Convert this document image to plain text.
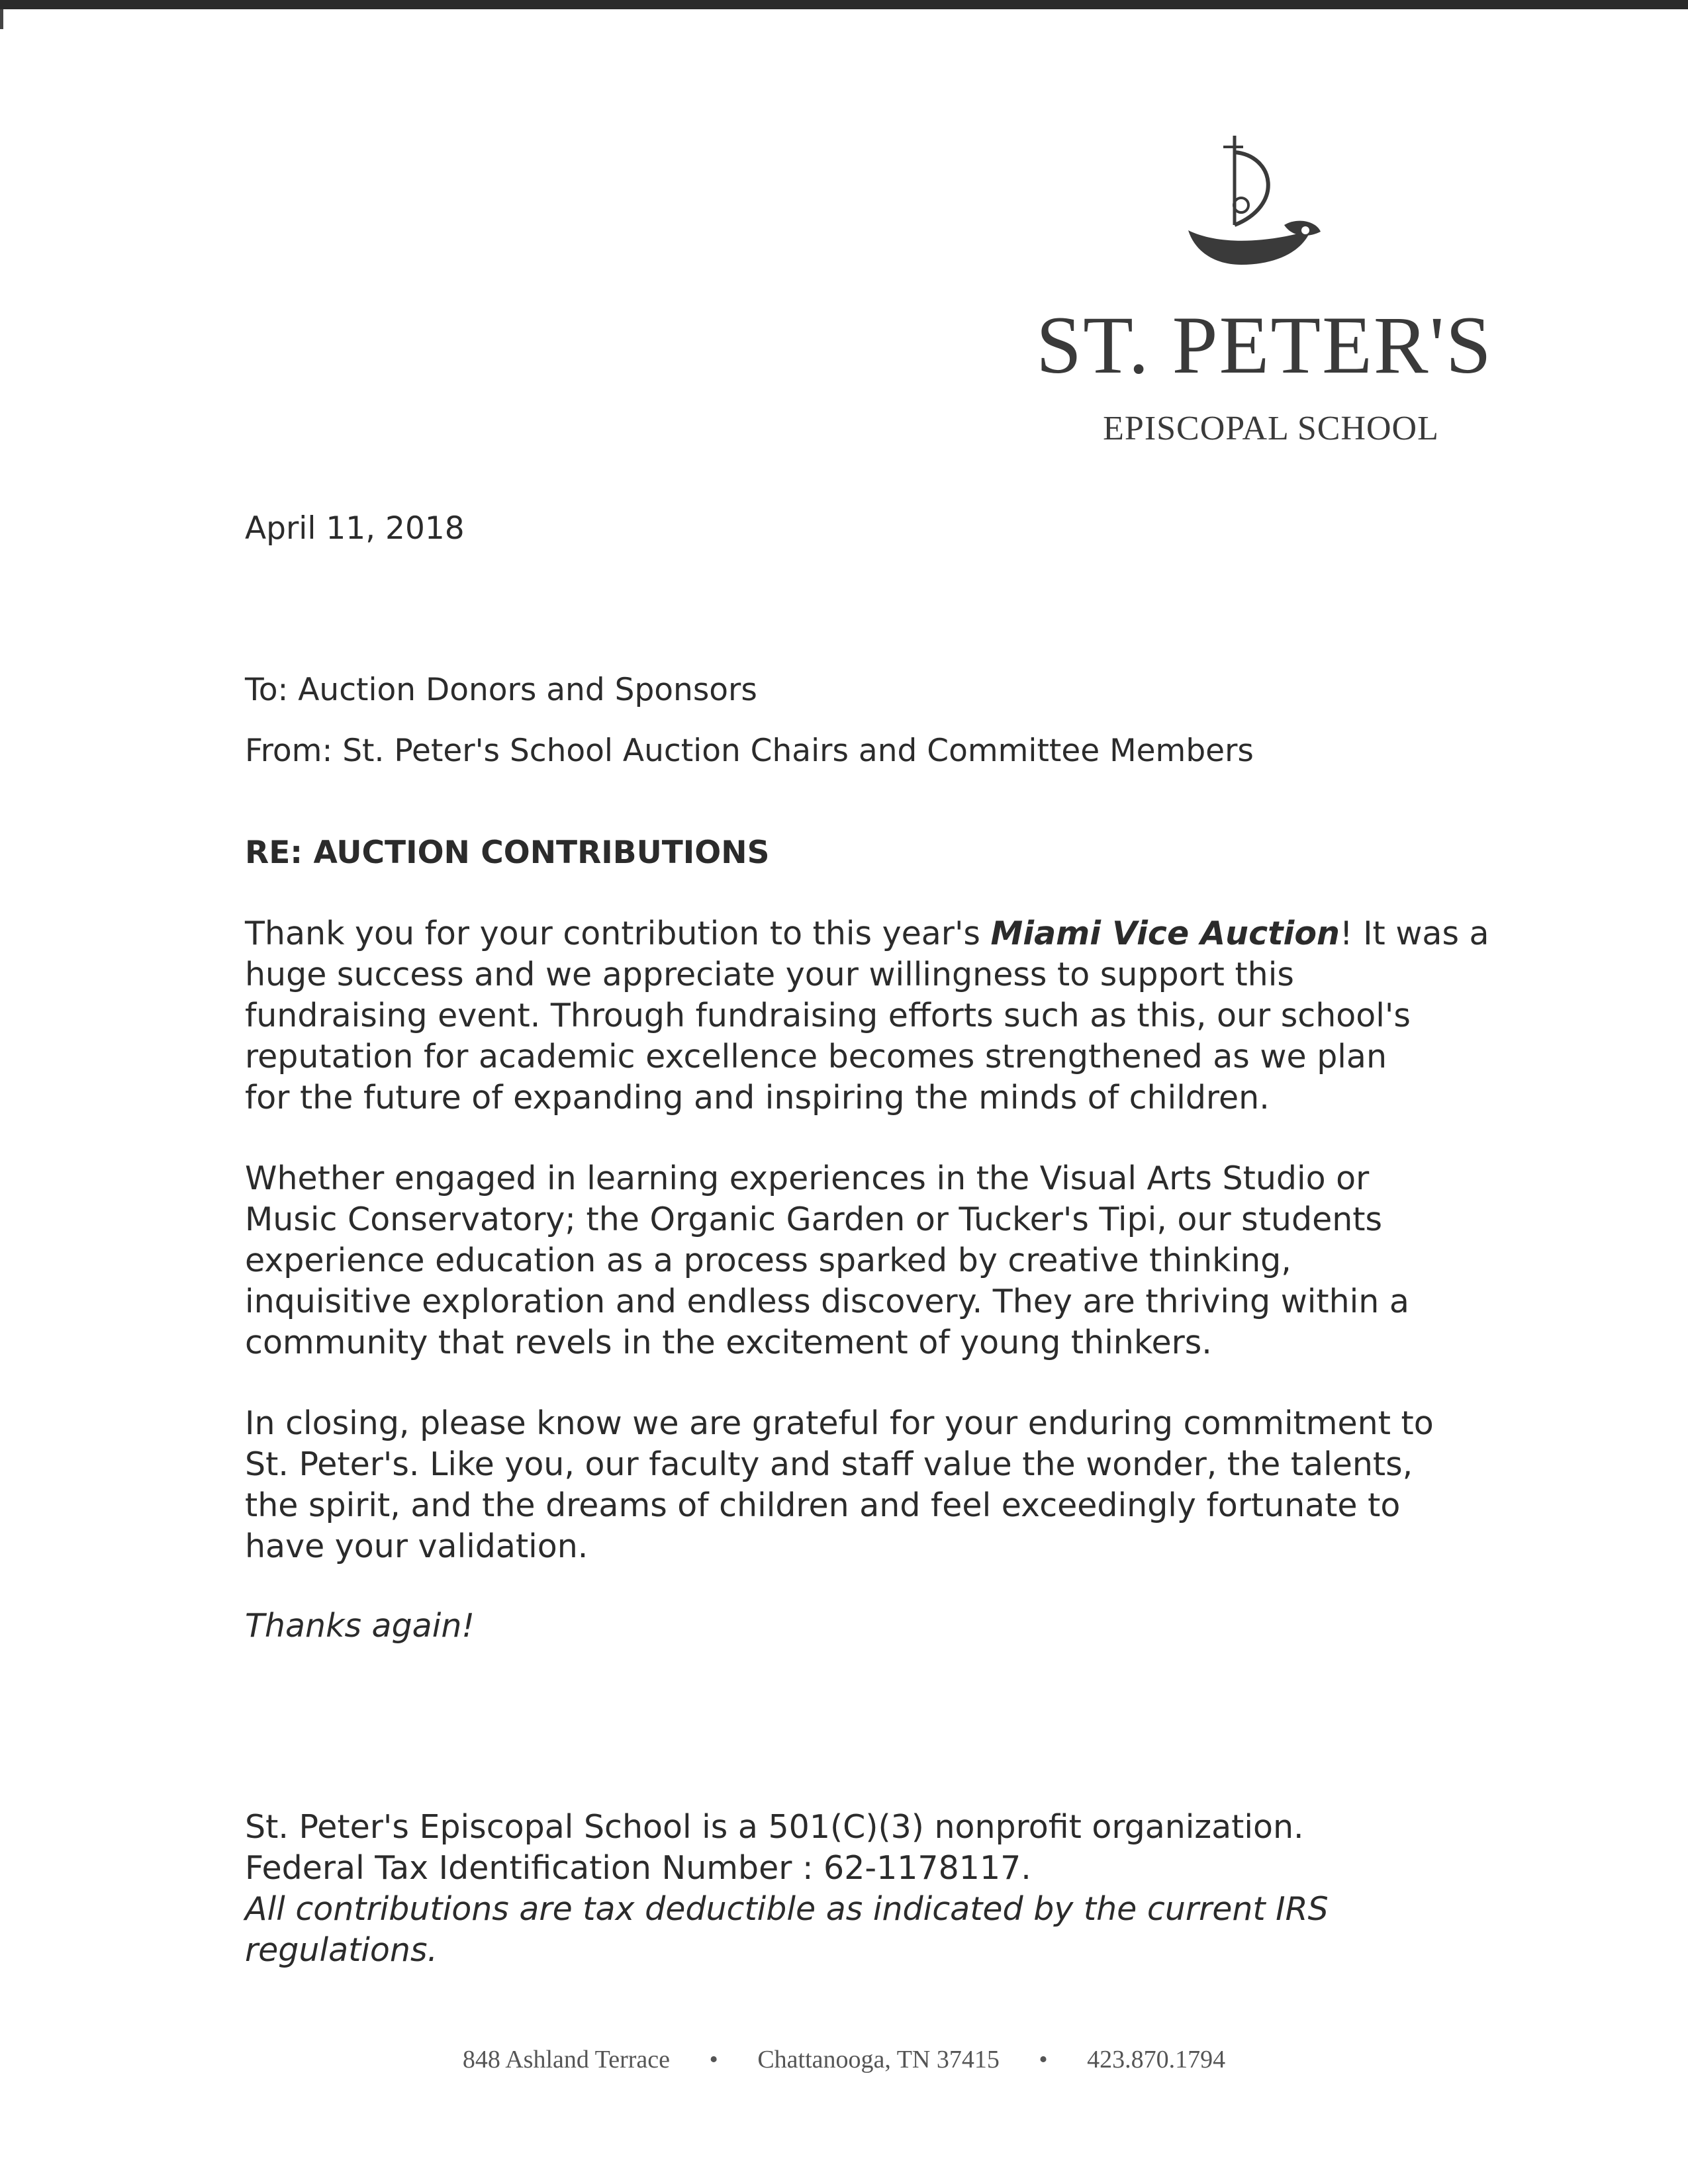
ST. PETER'S
EPISCOPAL SCHOOL
April 11, 2018
To: Auction Donors and Sponsors
From: St. Peter's School Auction Chairs and Committee Members
RE: AUCTION CONTRIBUTIONS
Thank you for your contribution to this year's Miami Vice Auction! It was a
huge success and we appreciate your willingness to support this
fundraising event. Through fundraising efforts such as this, our school's
reputation for academic excellence becomes strengthened as we plan
for the future of expanding and inspiring the minds of children.
Whether engaged in learning experiences in the Visual Arts Studio or
Music Conservatory; the Organic Garden or Tucker's Tipi, our students
experience education as a process sparked by creative thinking,
inquisitive exploration and endless discovery. They are thriving within a
community that revels in the excitement of young thinkers.
In closing, please know we are grateful for your enduring commitment to
St. Peter's. Like you, our faculty and staff value the wonder, the talents,
the spirit, and the dreams of children and feel exceedingly fortunate to
have your validation.
Thanks again!
St. Peter's Episcopal School is a 501(C)(3) nonprofit organization.
Federal Tax Identification Number : 62-1178117.
All contributions are tax deductible as indicated by the current IRS
regulations.
848 Ashland Terrace • Chattanooga, TN 37415 • 423.870.1794
